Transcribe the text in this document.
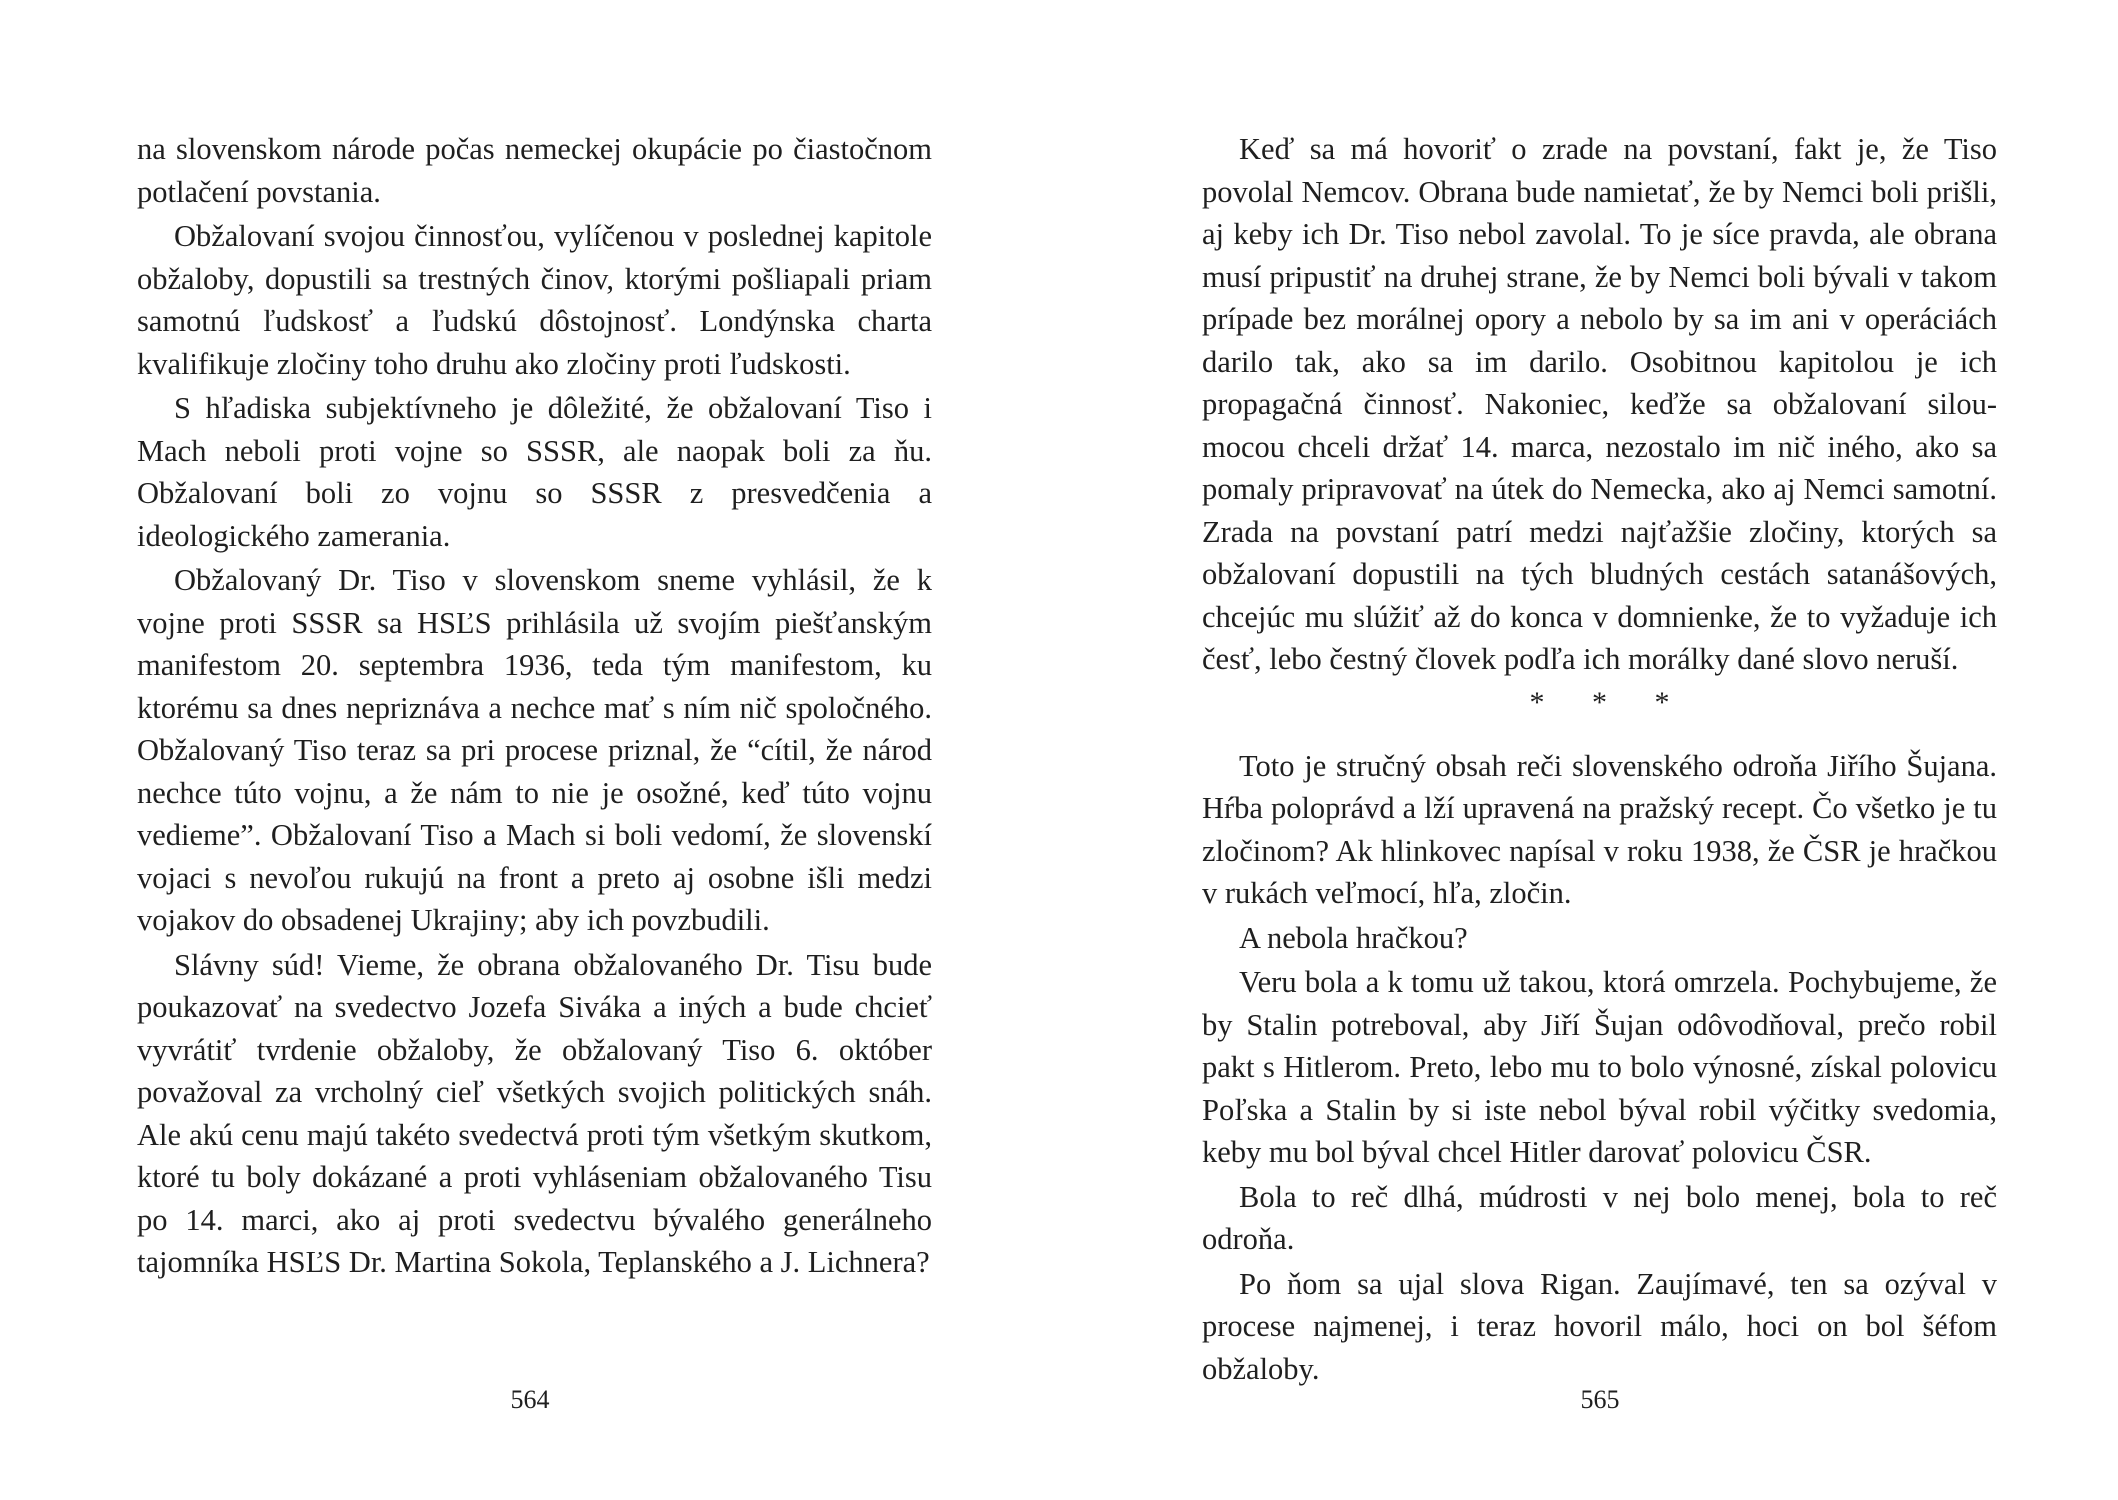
na slovenskom národe počas nemeckej okupácie po čiastočnom potlačení povstania.

Obžalovaní svojou činnosťou, vylíčenou v poslednej kapitole obžaloby, dopustili sa trestných činov, ktorými pošliapali priam samotnú ľudskosť a ľudskú dôstojnosť. Londýnska charta kvalifikuje zločiny toho druhu ako zločiny proti ľudskosti.

S hľadiska subjektívneho je dôležité, že obžalovaní Tiso i Mach neboli proti vojne so SSSR, ale naopak boli za ňu. Obžalovaní boli zo vojnu so SSSR z presvedčenia a ideologického zamerania.

Obžalovaný Dr. Tiso v slovenskom sneme vyhlásil, že k vojne proti SSSR sa HSĽS prihlásila už svojím piešťanským manifestom 20. septembra 1936, teda tým manifestom, ku ktorému sa dnes nepriznáva a nechce mať s ním nič spoločného. Obžalovaný Tiso teraz sa pri procese priznal, že “cítil, že národ nechce túto vojnu, a že nám to nie je osožné, keď túto vojnu vedieme”. Obžalovaní Tiso a Mach si boli vedomí, že slovenskí vojaci s nevoľou rukujú na front a preto aj osobne išli medzi vojakov do obsadenej Ukrajiny; aby ich povzbudili.

Slávny súd! Vieme, že obrana obžalovaného Dr. Tisu bude poukazovať na svedectvo Jozefa Siváka a iných a bude chcieť vyvrátiť tvrdenie obžaloby, že obžalovaný Tiso 6. október považoval za vrcholný cieľ všetkých svojich politických snáh. Ale akú cenu majú takéto svedectvá proti tým všetkým skutkom, ktoré tu boly dokázané a proti vyhláseniam obžalovaného Tisu po 14. marci, ako aj proti svedectvu bývalého generálneho tajomníka HSĽS Dr. Martina Sokola, Teplanského a J. Lichnera?

564

Keď sa má hovoriť o zrade na povstaní, fakt je, že Tiso povolal Nemcov. Obrana bude namietať, že by Nemci boli prišli, aj keby ich Dr. Tiso nebol zavolal. To je síce pravda, ale obrana musí pripustiť na druhej strane, že by Nemci boli bývali v takom prípade bez morálnej opory a nebolo by sa im ani v operáciách darilo tak, ako sa im darilo. Osobitnou kapitolou je ich propagačná činnosť. Nakoniec, keďže sa obžalovaní silou-mocou chceli držať 14. marca, nezostalo im nič iného, ako sa pomaly pripravovať na útek do Nemecka, ako aj Nemci samotní. Zrada na povstaní patrí medzi najťažšie zločiny, ktorých sa obžalovaní dopustili na tých bludných cestách satanášových, chcejúc mu slúžiť až do konca v domnienke, že to vyžaduje ich česť, lebo čestný človek podľa ich morálky dané slovo neruší.

* * *

Toto je stručný obsah reči slovenského odroňa Jiřího Šujana. Hŕba poloprávd a lží upravená na pražský recept. Čo všetko je tu zločinom? Ak hlinkovec napísal v roku 1938, že ČSR je hračkou v rukách veľmocí, hľa, zločin.

A nebola hračkou?

Veru bola a k tomu už takou, ktorá omrzela. Pochybujeme, že by Stalin potreboval, aby Jiří Šujan odôvodňoval, prečo robil pakt s Hitlerom. Preto, lebo mu to bolo výnosné, získal polovicu Poľska a Stalin by si iste nebol býval robil výčitky svedomia, keby mu bol býval chcel Hitler darovať polovicu ČSR.

Bola to reč dlhá, múdrosti v nej bolo menej, bola to reč odroňa.

Po ňom sa ujal slova Rigan. Zaujímavé, ten sa ozýval v procese najmenej, i teraz hovoril málo, hoci on bol šéfom obžaloby.

565
